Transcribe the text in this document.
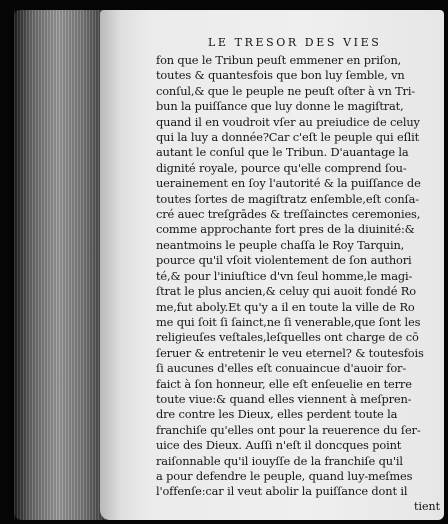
LE TRESOR DES VIES
fon que le Tribun peuſt emmener en priſon,
toutes & quantesfois que bon luy ſemble, vn
conſul,& que le peuple ne peuſt oſter à vn Tri-
bun la puiſſance que luy donne le magiſtrat,
quand il en voudroit vſer au preiudice de celuy
qui la luy a donnée?Car c'eſt le peuple qui eſlit
autant le conſul que le Tribun. D'auantage la
dignité royale, pource qu'elle comprend ſou-
uerainement en ſoy l'autorité & la puiſſance de
toutes ſortes de magiſtratz enſemble,eſt conſa-
cré auec treſgrādes & treſſainctes ceremonies,
comme approchante fort pres de la diuinité:&
neantmoins le peuple chaſſa le Roy Tarquin,
pource qu'il vſoit violentement de ſon authori
té,& pour l'iniuſtice d'vn ſeul homme,le magi-
ſtrat le plus ancien,& celuy qui auoit fondé Ro
me,fut aboly.Et qu'y a il en toute la ville de Ro
me qui ſoit ſi ſainct,ne ſi venerable,que ſont les
religieuſes veſtales,leſquelles ont charge de cō
ſeruer & entretenir le veu eternel? & toutesfois
ſi aucunes d'elles eſt conuaincue d'auoir for-
faict à ſon honneur, elle eſt enſeuelie en terre
toute viue:& quand elles viennent à meſpren-
dre contre les Dieux, elles perdent toute la
franchiſe qu'elles ont pour la reuerence du ſer-
uice des Dieux. Auſſi n'eſt il doncques point
raiſonnable qu'il iouyſſe de la franchiſe qu'il
a pour defendre le peuple, quand luy-meſmes
l'offenſe:car il veut abolir la puiſſance dont il
tient
